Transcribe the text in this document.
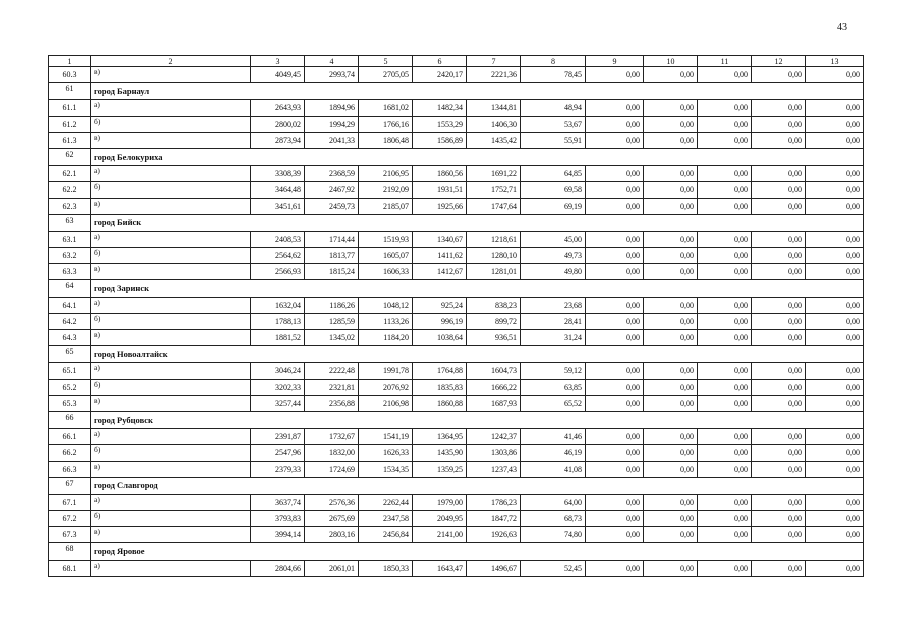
43
1	2	3	4	5	6	7	8	9	10	11	12	13
60.3	в)	4049,45	2993,74	2705,05	2420,17	2221,36	78,45	0,00	0,00	0,00	0,00	0,00
61	город Барнаул											
61.1	а)	2643,93	1894,96	1681,02	1482,34	1344,81	48,94	0,00	0,00	0,00	0,00	0,00
61.2	б)	2800,02	1994,29	1766,16	1553,29	1406,30	53,67	0,00	0,00	0,00	0,00	0,00
61.3	в)	2873,94	2041,33	1806,48	1586,89	1435,42	55,91	0,00	0,00	0,00	0,00	0,00
62	город Белокуриха											
62.1	а)	3308,39	2368,59	2106,95	1860,56	1691,22	64,85	0,00	0,00	0,00	0,00	0,00
62.2	б)	3464,48	2467,92	2192,09	1931,51	1752,71	69,58	0,00	0,00	0,00	0,00	0,00
62.3	в)	3451,61	2459,73	2185,07	1925,66	1747,64	69,19	0,00	0,00	0,00	0,00	0,00
63	город Бийск											
63.1	а)	2408,53	1714,44	1519,93	1340,67	1218,61	45,00	0,00	0,00	0,00	0,00	0,00
63.2	б)	2564,62	1813,77	1605,07	1411,62	1280,10	49,73	0,00	0,00	0,00	0,00	0,00
63.3	в)	2566,93	1815,24	1606,33	1412,67	1281,01	49,80	0,00	0,00	0,00	0,00	0,00
64	город Заринск											
64.1	а)	1632,04	1186,26	1048,12	925,24	838,23	23,68	0,00	0,00	0,00	0,00	0,00
64.2	б)	1788,13	1285,59	1133,26	996,19	899,72	28,41	0,00	0,00	0,00	0,00	0,00
64.3	в)	1881,52	1345,02	1184,20	1038,64	936,51	31,24	0,00	0,00	0,00	0,00	0,00
65	город Новоалтайск											
65.1	а)	3046,24	2222,48	1991,78	1764,88	1604,73	59,12	0,00	0,00	0,00	0,00	0,00
65.2	б)	3202,33	2321,81	2076,92	1835,83	1666,22	63,85	0,00	0,00	0,00	0,00	0,00
65.3	в)	3257,44	2356,88	2106,98	1860,88	1687,93	65,52	0,00	0,00	0,00	0,00	0,00
66	город Рубцовск											
66.1	а)	2391,87	1732,67	1541,19	1364,95	1242,37	41,46	0,00	0,00	0,00	0,00	0,00
66.2	б)	2547,96	1832,00	1626,33	1435,90	1303,86	46,19	0,00	0,00	0,00	0,00	0,00
66.3	в)	2379,33	1724,69	1534,35	1359,25	1237,43	41,08	0,00	0,00	0,00	0,00	0,00
67	город Славгород											
67.1	а)	3637,74	2576,36	2262,44	1979,00	1786,23	64,00	0,00	0,00	0,00	0,00	0,00
67.2	б)	3793,83	2675,69	2347,58	2049,95	1847,72	68,73	0,00	0,00	0,00	0,00	0,00
67.3	в)	3994,14	2803,16	2456,84	2141,00	1926,63	74,80	0,00	0,00	0,00	0,00	0,00
68	город Яровое											
68.1	а)	2804,66	2061,01	1850,33	1643,47	1496,67	52,45	0,00	0,00	0,00	0,00	0,00
